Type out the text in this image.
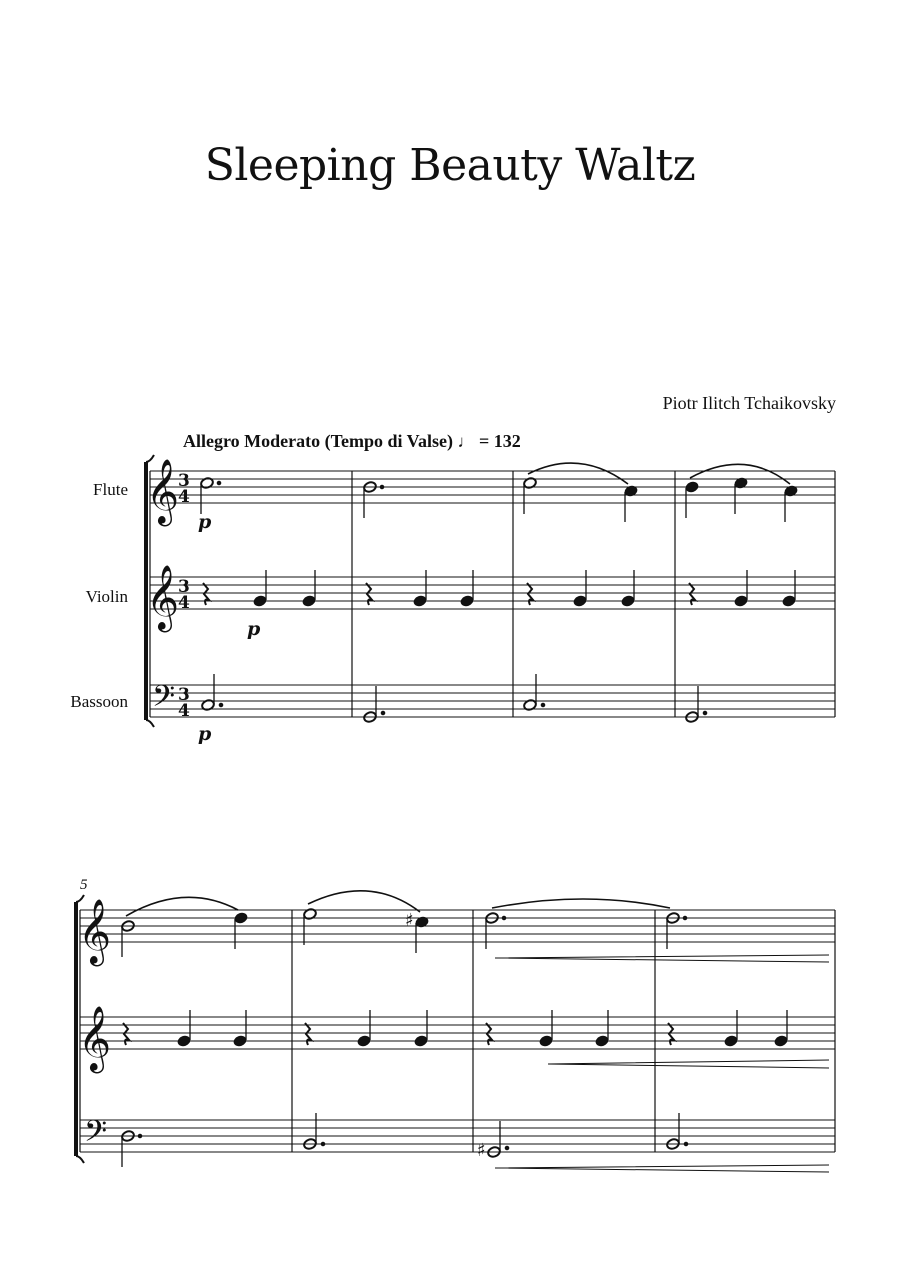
Sleeping Beauty Waltz
Piotr Ilitch Tchaikovsky
Allegro Moderato (Tempo di Valse) ♩ = 132
Flute
Violin
Bassoon
5
𝄞
𝄞
𝄢
3
4
3
4
3
4
p
p
p
𝄞
𝄞
𝄢
♯
♯
